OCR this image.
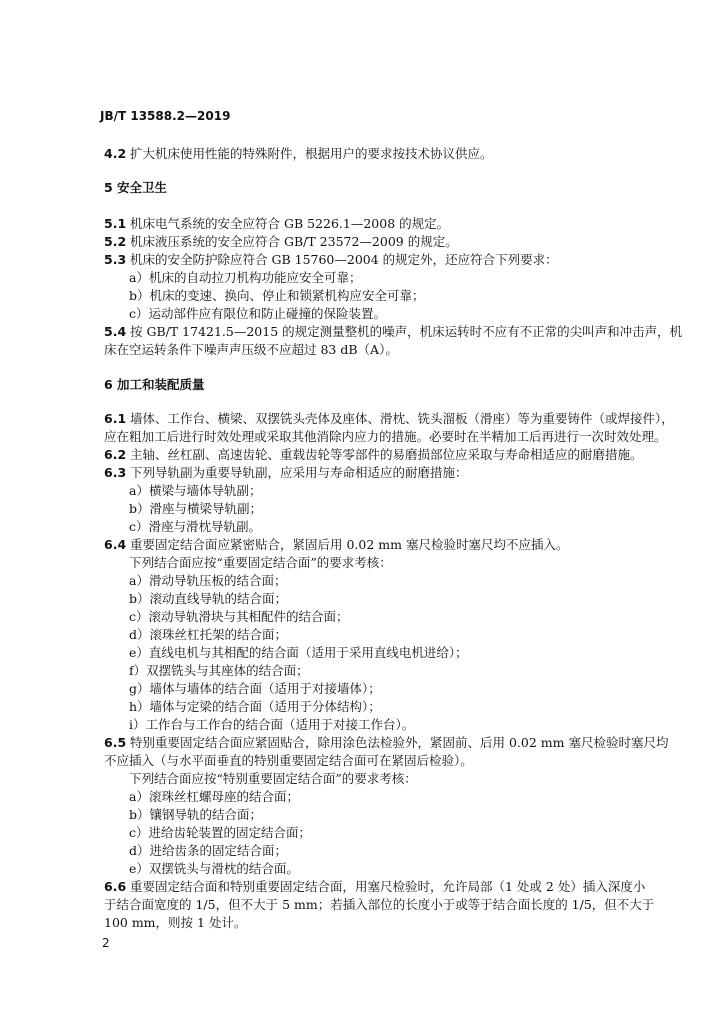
JB/T 13588.2—2019
4.2 扩大机床使用性能的特殊附件，根据用户的要求按技术协议供应。
5 安全卫生
5.1 机床电气系统的安全应符合 GB 5226.1—2008 的规定。
5.2 机床液压系统的安全应符合 GB/T 23572—2009 的规定。
5.3 机床的安全防护除应符合 GB 15760—2004 的规定外，还应符合下列要求：
a）机床的自动拉刀机构功能应安全可靠；
b）机床的变速、换向、停止和锁紧机构应安全可靠；
c）运动部件应有限位和防止碰撞的保险装置。
5.4 按 GB/T 17421.5—2015 的规定测量整机的噪声，机床运转时不应有不正常的尖叫声和冲击声，机
床在空运转条件下噪声声压级不应超过 83 dB（A）。
6 加工和装配质量
6.1 墙体、工作台、横梁、双摆铣头壳体及座体、滑枕、铣头溜板（滑座）等为重要铸件（或焊接件），
应在粗加工后进行时效处理或采取其他消除内应力的措施。必要时在半精加工后再进行一次时效处理。
6.2 主轴、丝杠副、高速齿轮、重载齿轮等零部件的易磨损部位应采取与寿命相适应的耐磨措施。
6.3 下列导轨副为重要导轨副，应采用与寿命相适应的耐磨措施：
a）横梁与墙体导轨副；
b）滑座与横梁导轨副；
c）滑座与滑枕导轨副。
6.4 重要固定结合面应紧密贴合，紧固后用 0.02 mm 塞尺检验时塞尺均不应插入。
下列结合面应按“重要固定结合面”的要求考核：
a）滑动导轨压板的结合面；
b）滚动直线导轨的结合面；
c）滚动导轨滑块与其相配件的结合面；
d）滚珠丝杠托架的结合面；
e）直线电机与其相配的结合面（适用于采用直线电机进给）；
f）双摆铣头与其座体的结合面；
g）墙体与墙体的结合面（适用于对接墙体）；
h）墙体与定梁的结合面（适用于分体结构）；
i）工作台与工作台的结合面（适用于对接工作台）。
6.5 特别重要固定结合面应紧固贴合，除用涂色法检验外，紧固前、后用 0.02 mm 塞尺检验时塞尺均
不应插入（与水平面垂直的特别重要固定结合面可在紧固后检验）。
下列结合面应按“特别重要固定结合面”的要求考核：
a）滚珠丝杠螺母座的结合面；
b）镶钢导轨的结合面；
c）进给齿轮装置的固定结合面；
d）进给齿条的固定结合面；
e）双摆铣头与滑枕的结合面。
6.6 重要固定结合面和特别重要固定结合面，用塞尺检验时，允许局部（1 处或 2 处）插入深度小
于结合面宽度的 1/5，但不大于 5 mm；若插入部位的长度小于或等于结合面长度的 1/5，但不大于
100 mm，则按 1 处计。
2
